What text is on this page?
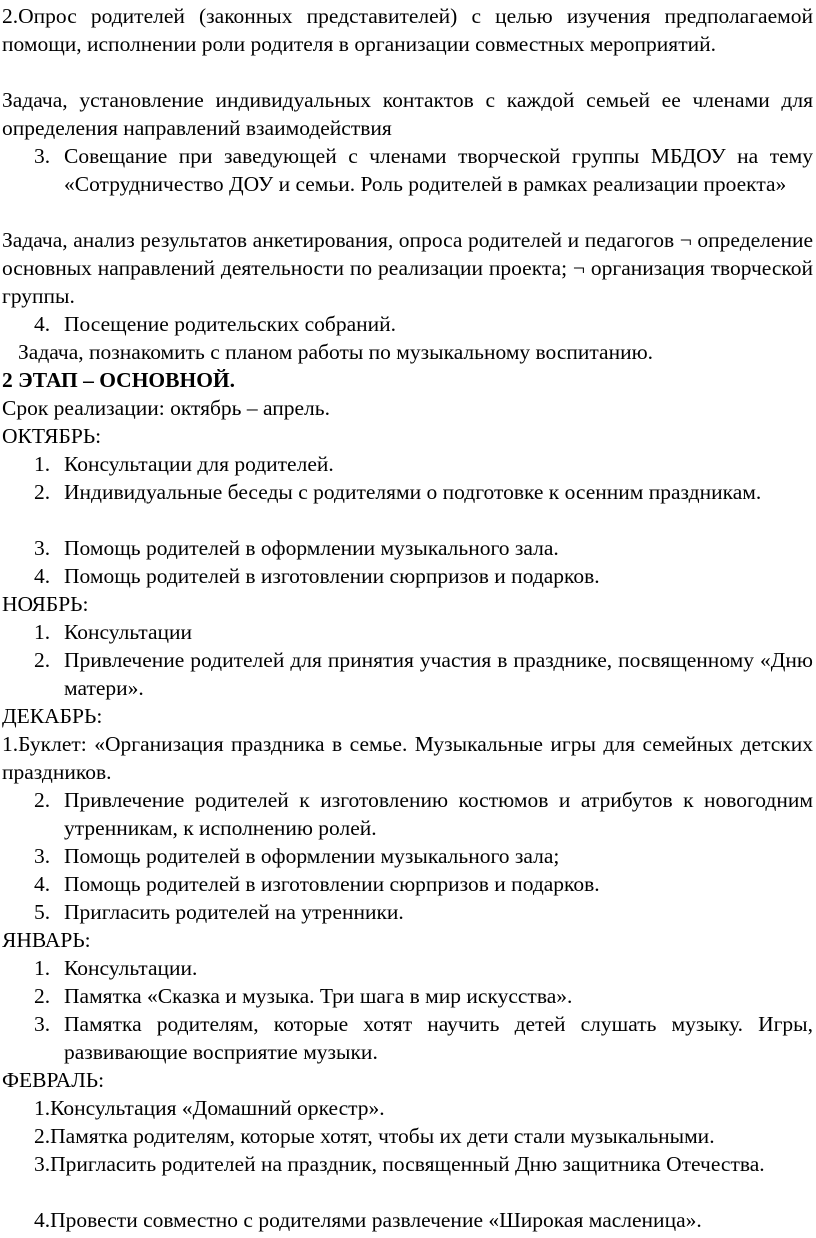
2.Опрос родителей (законных представителей) с целью изучения предполагаемой помощи, исполнении роли родителя в организации совместных мероприятий.

Задача, установление индивидуальных контактов с каждой семьей ее членами для определения направлений взаимодействия

3. Совещание при заведующей с членами творческой группы МБДОУ на тему «Сотрудничество ДОУ и семьи. Роль родителей в рамках реализации проекта»

Задача, анализ результатов анкетирования, опроса родителей и педагогов ¬ определение основных направлений деятельности по реализации проекта; ¬ организация творческой группы.

4. Посещение родительских собраний.

Задача, познакомить с планом работы по музыкальному воспитанию.

2 ЭТАП – ОСНОВНОЙ.

Срок реализации: октябрь – апрель.

ОКТЯБРЬ:

1. Консультации для родителей.

2. Индивидуальные беседы с родителями о подготовке к осенним праздникам.

3. Помощь родителей в оформлении музыкального зала.

4. Помощь родителей в изготовлении сюрпризов и подарков.

НОЯБРЬ:

1. Консультации

2. Привлечение родителей для принятия участия в празднике, посвященному «Дню матери».

ДЕКАБРЬ:

1.Буклет: «Организация праздника в семье. Музыкальные игры для семейных детских праздников.

2. Привлечение родителей к изготовлению костюмов и атрибутов к новогодним утренникам, к исполнению ролей.

3. Помощь родителей в оформлении музыкального зала;

4. Помощь родителей в изготовлении сюрпризов и подарков.

5. Пригласить родителей на утренники.

ЯНВАРЬ:

1. Консультации.

2. Памятка «Сказка и музыка. Три шага в мир искусства».

3. Памятка родителям, которые хотят научить детей слушать музыку. Игры, развивающие восприятие музыки.

ФЕВРАЛЬ:

1.Консультация «Домашний оркестр».

2.Памятка родителям, которые хотят, чтобы их дети стали музыкальными.

3.Пригласить родителей на праздник, посвященный Дню защитника Отечества.

4.Провести совместно с родителями развлечение «Широкая масленица».
